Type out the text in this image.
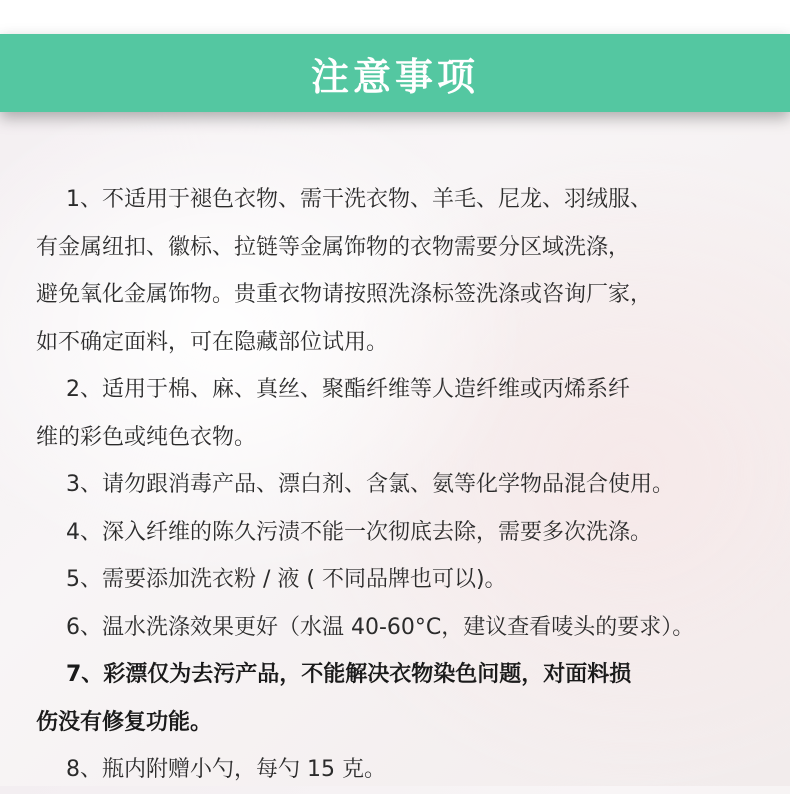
注意事项
1、不适用于褪色衣物、需干洗衣物、羊毛、尼龙、羽绒服、
有金属纽扣、徽标、拉链等金属饰物的衣物需要分区域洗涤，
避免氧化金属饰物。贵重衣物请按照洗涤标签洗涤或咨询厂家，
如不确定面料，可在隐藏部位试用。
2、适用于棉、麻、真丝、聚酯纤维等人造纤维或丙烯系纤
维的彩色或纯色衣物。
3、请勿跟消毒产品、漂白剂、含氯、氨等化学物品混合使用。
4、深入纤维的陈久污渍不能一次彻底去除，需要多次洗涤。
5、需要添加洗衣粉 / 液 ( 不同品牌也可以)。
6、温水洗涤效果更好（水温 40-60°C，建议查看唛头的要求）。
7、彩漂仅为去污产品，不能解决衣物染色问题，对面料损
伤没有修复功能。
8、瓶内附赠小勺，每勺 15 克。
